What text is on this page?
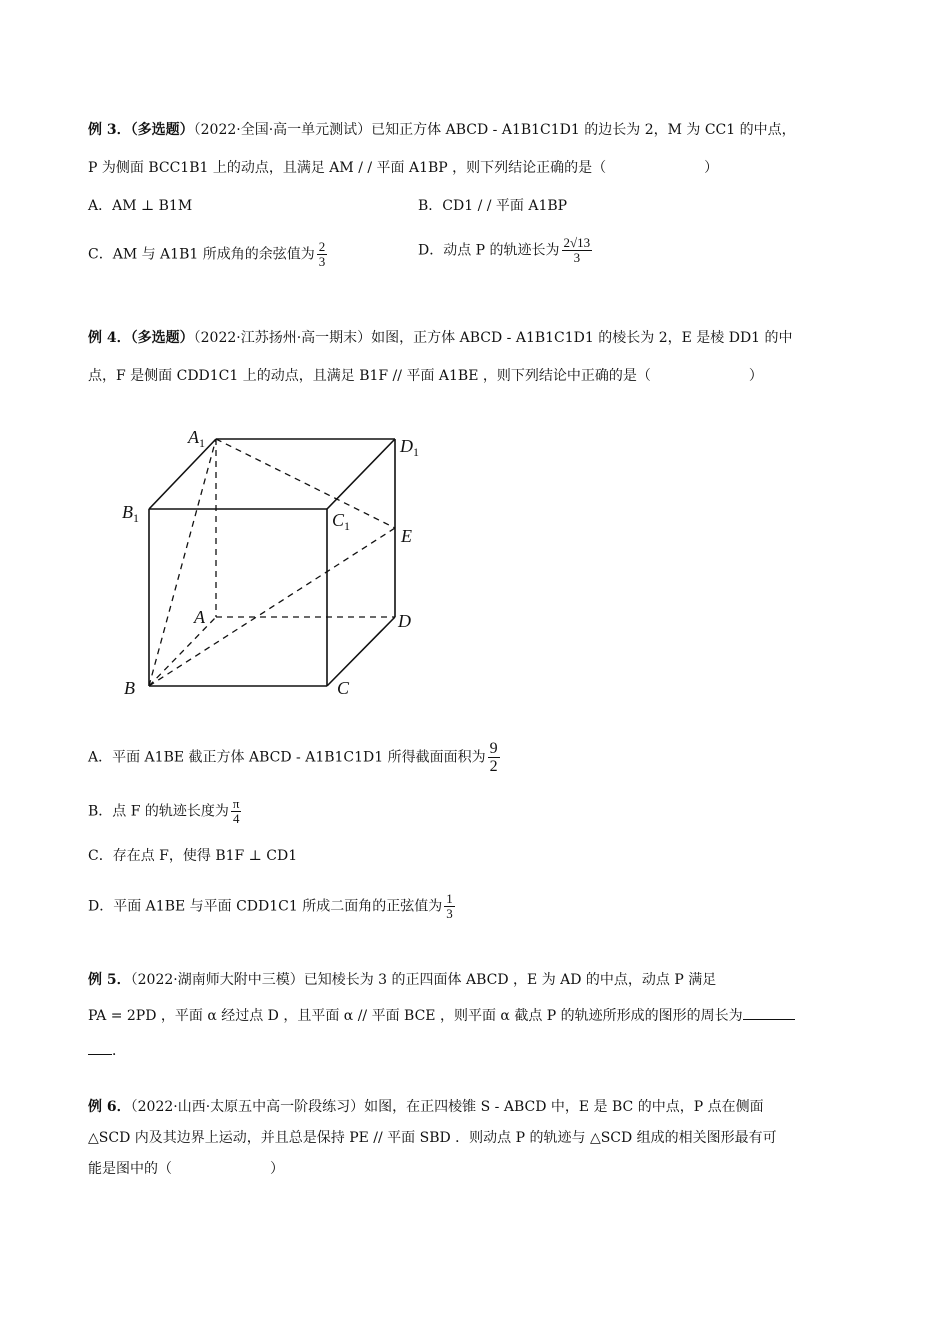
例 3．（多选题）（2022·全国·高一单元测试）已知正方体 ABCD - A1B1C1D1 的边长为 2，M 为 CC1 的中点，
P 为侧面 BCC1B1 上的动点，且满足 AM / / 平面 A1BP ，则下列结论正确的是（　　　　　　　）
A．AM ⊥ B1M	B．CD1 / / 平面 A1BP
C．AM 与 A1B1 所成角的余弦值为 $\frac{2}{3}$	D．动点 P 的轨迹长为 $\frac{2√13}{3}$
例 4．（多选题）（2022·江苏扬州·高一期末）如图，正方体 ABCD - A1B1C1D1 的棱长为 2，E 是棱 DD1 的中
点，F 是侧面 CDD1C1 上的动点，且满足 B1F // 平面 A1BE ，则下列结论中正确的是（　　　　　　　）
$A_1$	$D_1$
$B_1$	$C_1$	E
A	D
B	C
A．平面 A1BE 截正方体 ABCD - A1B1C1D1 所得截面面积为 $\frac{9}{2}$
B．点 F 的轨迹长度为 $\frac{\pi}{4}$
C．存在点 F，使得 B1F ⊥ CD1
D．平面 A1BE 与平面 CDD1C1 所成二面角的正弦值为 $\frac{1}{3}$
例 5．（2022·湖南师大附中三模）已知棱长为 3 的正四面体 ABCD ，E 为 AD 的中点，动点 P 满足
PA = 2PD ，平面 α 经过点 D ，且平面 α // 平面 BCE ，则平面 α 截点 P 的轨迹所形成的图形的周长为
．
例 6．（2022·山西·太原五中高一阶段练习）如图，在正四棱锥 S - ABCD 中，E 是 BC 的中点，P 点在侧面
△SCD 内及其边界上运动，并且总是保持 PE // 平面 SBD ．则动点 P 的轨迹与 △SCD 组成的相关图形最有可
能是图中的（　　　　　　　）
